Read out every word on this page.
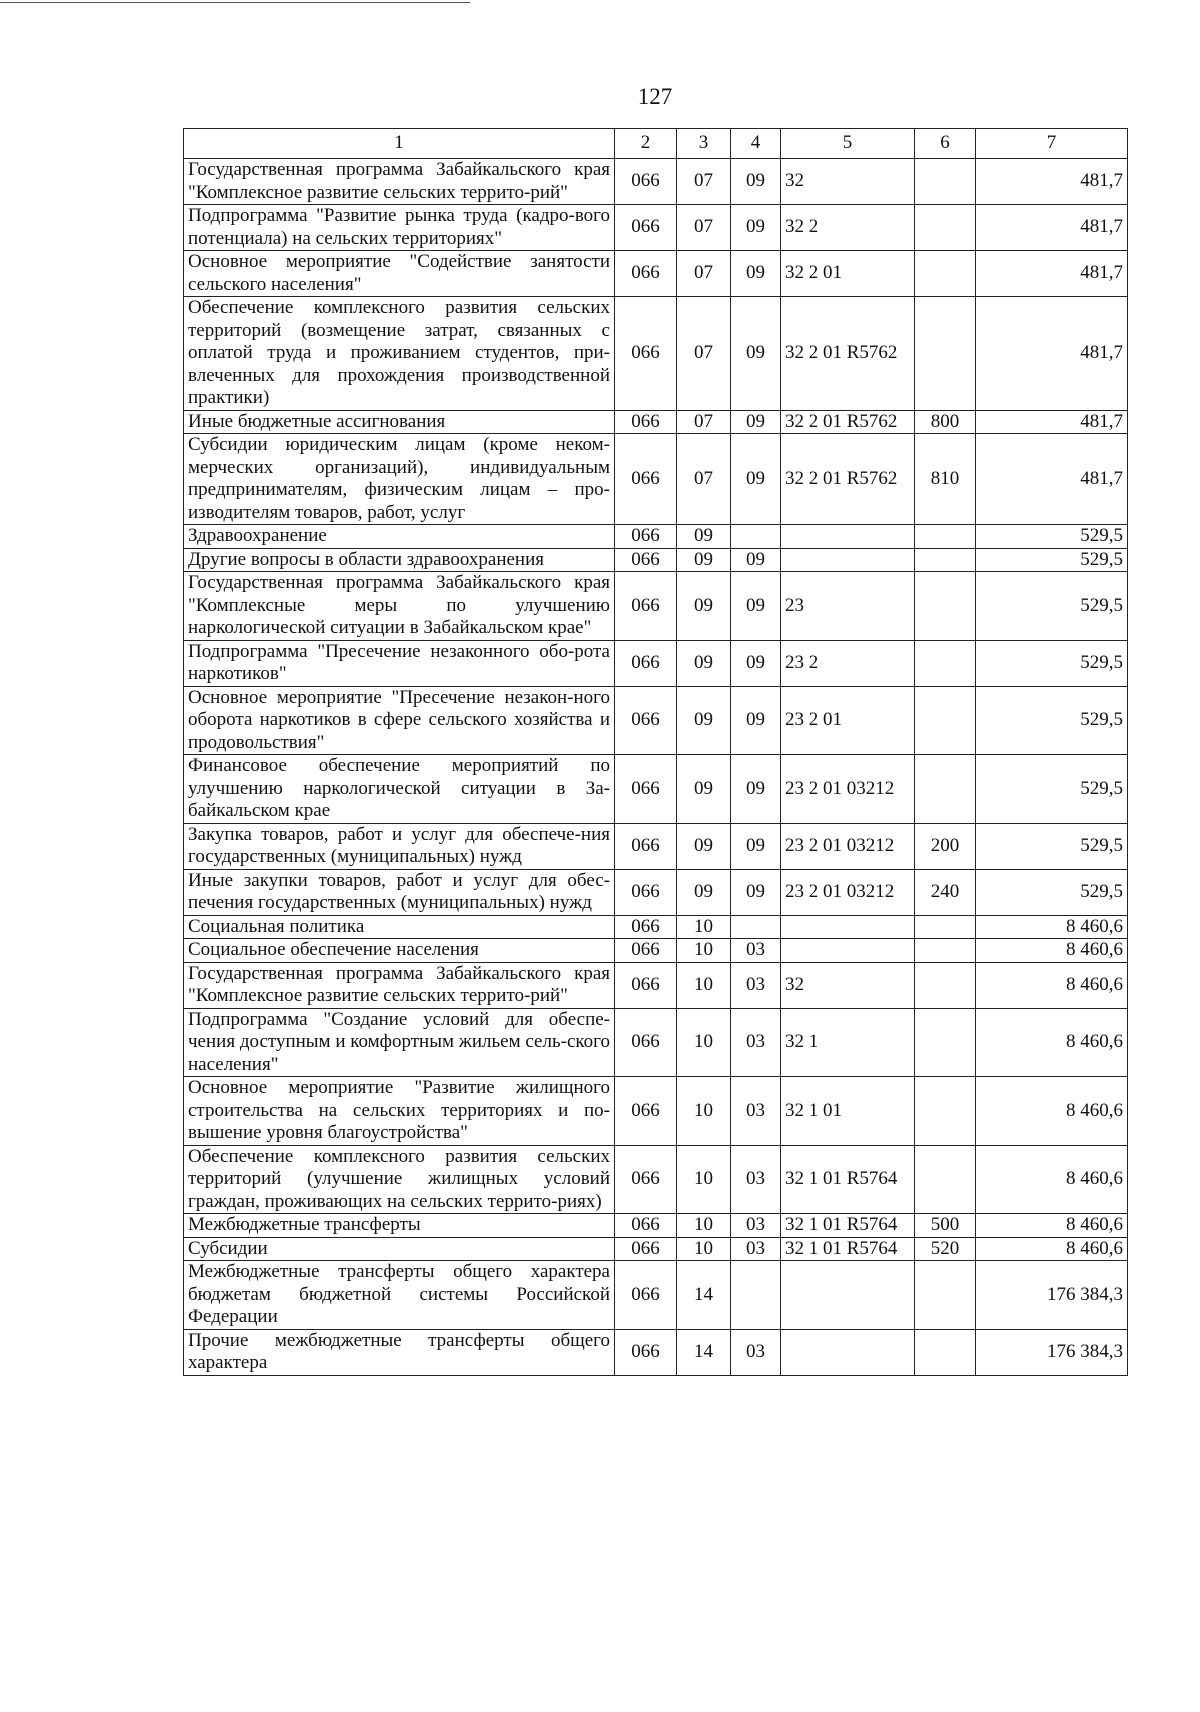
127
1	2	3	4	5	6	7
Государственная программа Забайкальского края "Комплексное развитие сельских террито-рий"	066	07	09	32		481,7
Подпрограмма "Развитие рынка труда (кадро-вого потенциала) на сельских территориях"	066	07	09	32 2		481,7
Основное мероприятие "Содействие занятости сельского населения"	066	07	09	32 2 01		481,7
Обеспечение комплексного развития сельских территорий (возмещение затрат, связанных с оплатой труда и проживанием студентов, при-влеченных для прохождения производственной практики)	066	07	09	32 2 01 R5762		481,7
Иные бюджетные ассигнования	066	07	09	32 2 01 R5762	800	481,7
Субсидии юридическим лицам (кроме неком-мерческих организаций), индивидуальным предпринимателям, физическим лицам – про-изводителям товаров, работ, услуг	066	07	09	32 2 01 R5762	810	481,7
Здравоохранение	066	09				529,5
Другие вопросы в области здравоохранения	066	09	09			529,5
Государственная программа Забайкальского края "Комплексные меры по улучшению наркологической ситуации в Забайкальском крае"	066	09	09	23		529,5
Подпрограмма "Пресечение незаконного обо-рота наркотиков"	066	09	09	23 2		529,5
Основное мероприятие "Пресечение незакон-ного оборота наркотиков в сфере сельского хозяйства и продовольствия"	066	09	09	23 2 01		529,5
Финансовое обеспечение мероприятий по улучшению наркологической ситуации в За-байкальском крае	066	09	09	23 2 01 03212		529,5
Закупка товаров, работ и услуг для обеспече-ния государственных (муниципальных) нужд	066	09	09	23 2 01 03212	200	529,5
Иные закупки товаров, работ и услуг для обес-печения государственных (муниципальных) нужд	066	09	09	23 2 01 03212	240	529,5
Социальная политика	066	10				8 460,6
Социальное обеспечение населения	066	10	03			8 460,6
Государственная программа Забайкальского края "Комплексное развитие сельских террито-рий"	066	10	03	32		8 460,6
Подпрограмма "Создание условий для обеспе-чения доступным и комфортным жильем сель-ского населения"	066	10	03	32 1		8 460,6
Основное мероприятие "Развитие жилищного строительства на сельских территориях и по-вышение уровня благоустройства"	066	10	03	32 1 01		8 460,6
Обеспечение комплексного развития сельских территорий (улучшение жилищных условий граждан, проживающих на сельских террито-риях)	066	10	03	32 1 01 R5764		8 460,6
Межбюджетные трансферты	066	10	03	32 1 01 R5764	500	8 460,6
Субсидии	066	10	03	32 1 01 R5764	520	8 460,6
Межбюджетные трансферты общего характера бюджетам бюджетной системы Российской Федерации	066	14				176 384,3
Прочие межбюджетные трансферты общего характера	066	14	03			176 384,3
